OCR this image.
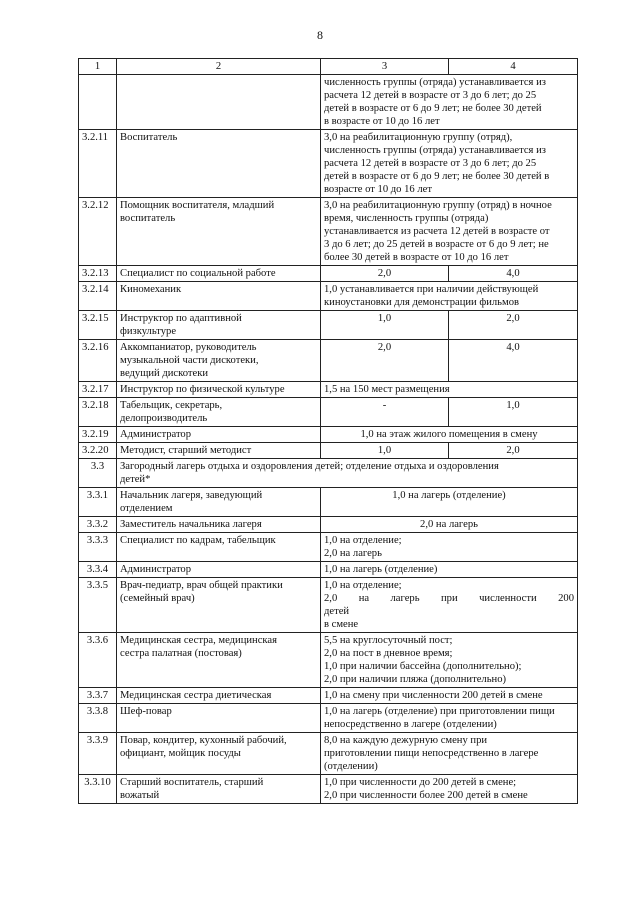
8
1	2	3	4

		численность группы (отряда) устанавливается из
расчета 12 детей в возрасте от 3 до 6 лет; до 25
детей в возрасте от 6 до 9 лет; не более 30 детей
в возрасте от 10 до 16 лет	

3.2.11	Воспитатель	3,0 на реабилитационную группу (отряд),
численность группы (отряда) устанавливается из
расчета 12 детей в возрасте от 3 до 6 лет; до 25
детей в возрасте от 6 до 9 лет; не более 30 детей в
возрасте от 10 до 16 лет	

3.2.12	Помощник воспитателя, младший
воспитатель	3,0 на реабилитационную группу (отряд) в ночное
время, численность группы (отряда)
устанавливается из расчета 12 детей в возрасте от
3 до 6 лет; до 25 детей в возрасте от 6 до 9 лет; не
более 30 детей в возрасте от 10 до 16 лет	

3.2.13	Специалист по социальной работе	2,0	4,0
3.2.14	Киномеханик	1,0 устанавливается при наличии действующей
киноустановки для демонстрации фильмов	

3.2.15	Инструктор по адаптивной
физкультуре	1,0	2,0
3.2.16	Аккомпаниатор, руководитель
музыкальной части дискотеки,
ведущий дискотеки	2,0	4,0
3.2.17	Инструктор по физической культуре	1,5 на 150 мест размещения	
3.2.18	Табельщик, секретарь,
делопроизводитель	-	1,0
3.2.19	Администратор	1,0 на этаж жилого помещения в смену	
3.2.20	Методист, старший методист	1,0	2,0
3.3	Загородный лагерь отдыха и оздоровления детей; отделение отдыха и оздоровления
детей*		

3.3.1	Начальник лагеря, заведующий
отделением	1,0 на лагерь (отделение)	
3.3.2	Заместитель начальника лагеря	2,0 на лагерь	
3.3.3	Специалист по кадрам, табельщик	1,0 на отделение;
2,0 на лагерь	

3.3.4	Администратор	1,0 на лагерь (отделение)	
3.3.5	Врач-педиатр, врач общей практики
(семейный врач)	1,0 на отделение;
2,0 на лагерь при численности 200 детей
в смене	

3.3.6	Медицинская сестра, медицинская
сестра палатная (постовая)	5,5 на круглосуточный пост;
2,0 на пост в дневное время;
1,0 при наличии бассейна (дополнительно);
2,0 при наличии пляжа (дополнительно)	

3.3.7	Медицинская сестра диетическая	1,0 на смену при численности 200 детей в смене	
3.3.8	Шеф-повар	1,0 на лагерь (отделение) при приготовлении пищи
непосредственно в лагере (отделении)	

3.3.9	Повар, кондитер, кухонный рабочий,
официант, мойщик посуды	8,0 на каждую дежурную смену при
приготовлении пищи непосредственно в лагере
(отделении)	

3.3.10	Старший воспитатель, старший
вожатый	1,0 при численности до 200 детей в смене;
2,0 при численности более 200 детей в смене	
